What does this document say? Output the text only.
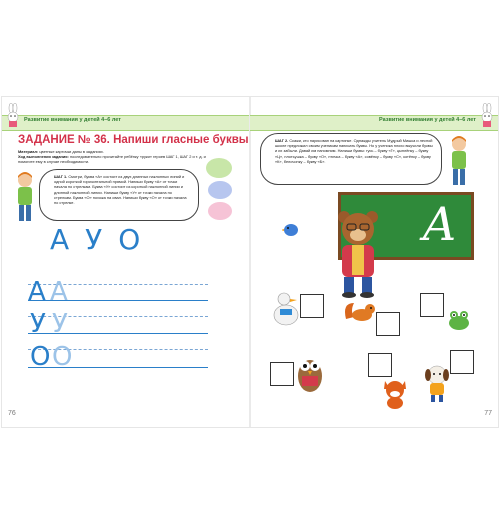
Развитие внимания у детей 4–6 лет
ЗАДАНИЕ № 36. Напиши гласные буквы
Материал: цветные карточки даны в заданиях.
Ход выполнения задания: последовательно прочитайте ребёнку «руки» героев ШАГ 1, ШАГ 2 и т. д. и помогите ему в случае необходимости.
ШАГ 1. Смотри, буква «А» состоит из двух длинных наклонных линий и одной короткой горизонтальной прямой. Напиши букву «А» от точки начала по стрелкам. Буква «У» состоит из короткой наклонной линии и длинной наклонной линии. Напиши букву «У» от точки начала по стрелкам. Буква «О» похожа на овал. Напиши букву «О» от точки начала по стрелке.
АУО
А А
У У
О О
76
Развитие внимания у детей 4–6 лет
ШАГ 2. Скажи, кто нарисован на картинке. Однажды учитель Мудрый Мишка и лесной школе предложил своим ученикам написать буквы. Но у ученика плохо выучили буквы и их забыли. Давай им напомним. Напиши буквы: гусь – букву «Г», цыплёнку – букву «Ц», плотьушка – букву «О», птичка – букву «А», совёнку – букву «С», котёнку – букву «К», белочонку – букву «Б».
А
77
